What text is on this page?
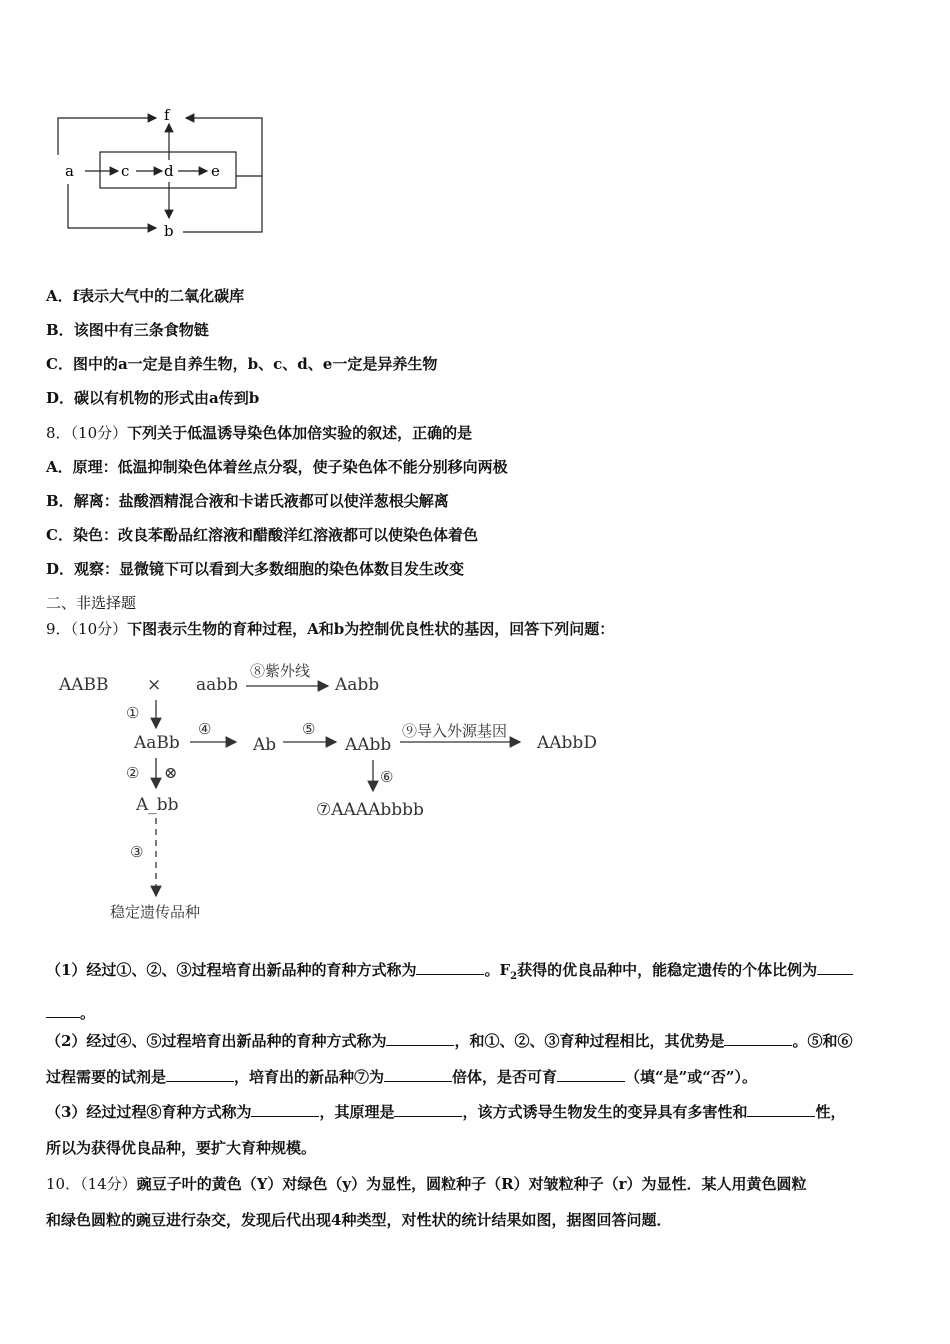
f
a	c d e
b
A．f表示大气中的二氧化碳库
B．该图中有三条食物链
C．图中的a一定是自养生物，b、c、d、e一定是异养生物
D．碳以有机物的形式由a传到b
8．（10分）下列关于低温诱导染色体加倍实验的叙述，正确的是
A．原理：低温抑制染色体着丝点分裂，使子染色体不能分别移向两极
B．解离：盐酸酒精混合液和卡诺氏液都可以使洋葱根尖解离
C．染色：改良苯酚品红溶液和醋酸洋红溶液都可以使染色体着色
D．观察：显微镜下可以看到大多数细胞的染色体数目发生改变
二、非选择题
9．（10分）下图表示生物的育种过程，A和b为控制优良性状的基因，回答下列问题：
AABB × aabb
⑧紫外线
Aabb
①
AaBb
④
Ab
⑤
AAbb
⑨导入外源基因
AAbbD
② ⊗	⑥
A_bb	⑦AAAAbbbb
③
稳定遗传品种
（1）经过①、②、③过程培育出新品种的育种方式称为	。$F_2$获得的优良品种中，能稳定遗传的个体比例为
。
（2）经过④、⑤过程培育出新品种的育种方式称为	，和①、②、③育种过程相比，其优势是	。⑤和⑥
过程需要的试剂是	，培育出的新品种⑦为	倍体，是否可育	（填“是”或“否”）。
（3）经过过程⑧育种方式称为	，其原理是	，该方式诱导生物发生的变异具有多害性和	性，
所以为获得优良品种，要扩大育种规模。
10．（14分）豌豆子叶的黄色（Y）对绿色（y）为显性，圆粒种子（R）对皱粒种子（r）为显性．某人用黄色圆粒
和绿色圆粒的豌豆进行杂交，发现后代出现4种类型，对性状的统计结果如图，据图回答问题．
